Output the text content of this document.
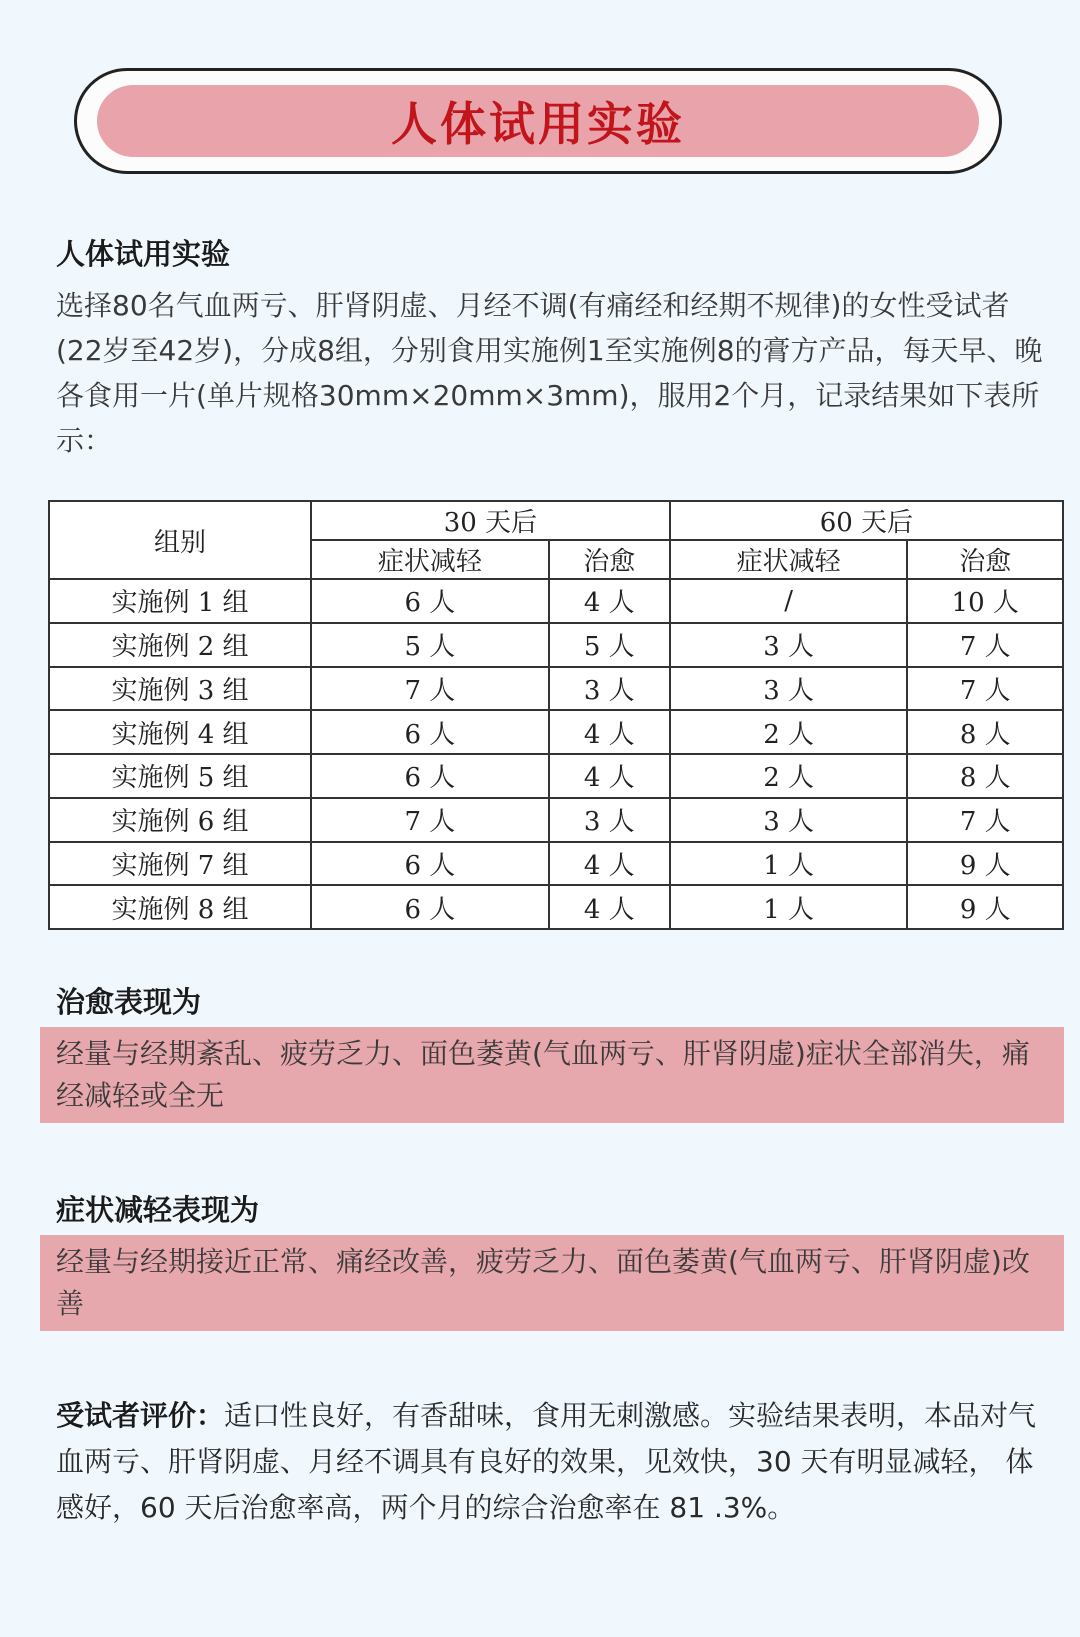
人体试用实验
人体试用实验
选择80名气血两亏、肝肾阴虚、月经不调(有痛经和经期不规律)的女性受试者(22岁至42岁)，分成8组，分别食用实施例1至实施例8的膏方产品，每天早、晚各食用一片(单片规格30mm×20mm×3mm)，服用2个月，记录结果如下表所示：
组别	30 天后		60 天后	
	症状减轻	治愈	症状减轻	治愈
实施例 1 组	6 人	4 人	/	10 人
实施例 2 组	5 人	5 人	3 人	7 人
实施例 3 组	7 人	3 人	3 人	7 人
实施例 4 组	6 人	4 人	2 人	8 人
实施例 5 组	6 人	4 人	2 人	8 人
实施例 6 组	7 人	3 人	3 人	7 人
实施例 7 组	6 人	4 人	1 人	9 人
实施例 8 组	6 人	4 人	1 人	9 人
治愈表现为
经量与经期紊乱、疲劳乏力、面色萎黄(气血两亏、肝肾阴虚)症状全部消失，痛经减轻或全无
症状减轻表现为
经量与经期接近正常、痛经改善，疲劳乏力、面色萎黄(气血两亏、肝肾阴虚)改善
受试者评价：适口性良好，有香甜味，食用无刺激感。实验结果表明，本品对气血两亏、肝肾阴虚、月经不调具有良好的效果，见效快，30 天有明显减轻， 体感好，60 天后治愈率高，两个月的综合治愈率在 81 .3%。
